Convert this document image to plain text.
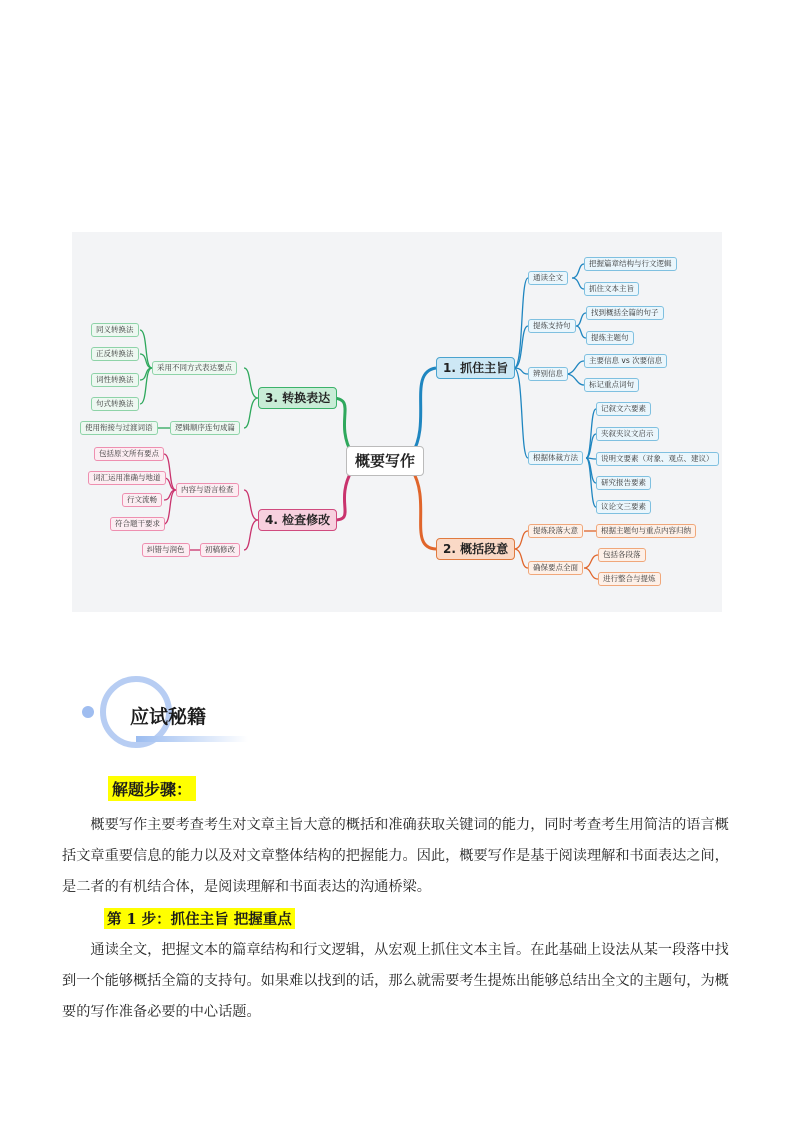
概要写作
1. 抓住主旨
通读全文
把握篇章结构与行文逻辑
抓住文本主旨
提炼支持句
找到概括全篇的句子
提炼主题句
辨别信息
主要信息 vs 次要信息
标记重点词句
根据体裁方法
记叙文六要素
夹叙夹议文启示
说明文要素（对象、观点、建议）
研究报告要素
议论文三要素
2. 概括段意
提炼段落大意	根据主题句与重点内容归纳
确保要点全面
包括各段落
进行整合与提炼
3. 转换表达
采用不同方式表达要点
同义转换法
正反转换法
词性转换法
句式转换法
逻辑顺序连句成篇
使用衔接与过渡词语
4. 检查修改
内容与语言检查
包括原文所有要点
词汇运用准确与地道
行文流畅
符合题干要求
初稿修改
纠错与润色
应试秘籍
解题步骤：

概要写作主要考查考生对文章主旨大意的概括和准确获取关键词的能力，同时考查考生用简洁的语言概括文章重要信息的能力以及对文章整体结构的把握能力。因此，概要写作是基于阅读理解和书面表达之间，是二者的有机结合体，是阅读理解和书面表达的沟通桥梁。

第 1 步：抓住主旨 把握重点

通读全文，把握文本的篇章结构和行文逻辑，从宏观上抓住文本主旨。在此基础上设法从某一段落中找到一个能够概括全篇的支持句。如果难以找到的话，那么就需要考生提炼出能够总结出全文的主题句，为概要的写作准备必要的中心话题。
